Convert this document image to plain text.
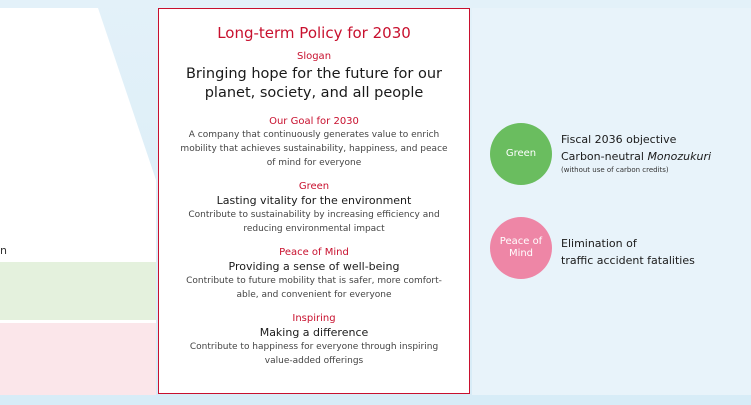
n
Long-term Policy for 2030
Slogan
Bringing hope for the future for our
planet, society, and all people
Our Goal for 2030
A company that continuously generates value to enrich
mobility that achieves sustainability, happiness, and peace
of mind for everyone
Green
Lasting vitality for the environment
Contribute to sustainability by increasing efficiency and
reducing environmental impact
Peace of Mind
Providing a sense of well-being
Contribute to future mobility that is safer, more comfort-
able, and convenient for everyone
Inspiring
Making a difference
Contribute to happiness for everyone through inspiring
value-added offerings
Green
Fiscal 2036 objective
Carbon-neutral Monozukuri
(without use of carbon credits)
Peace of
Mind
Elimination of
traffic accident fatalities
